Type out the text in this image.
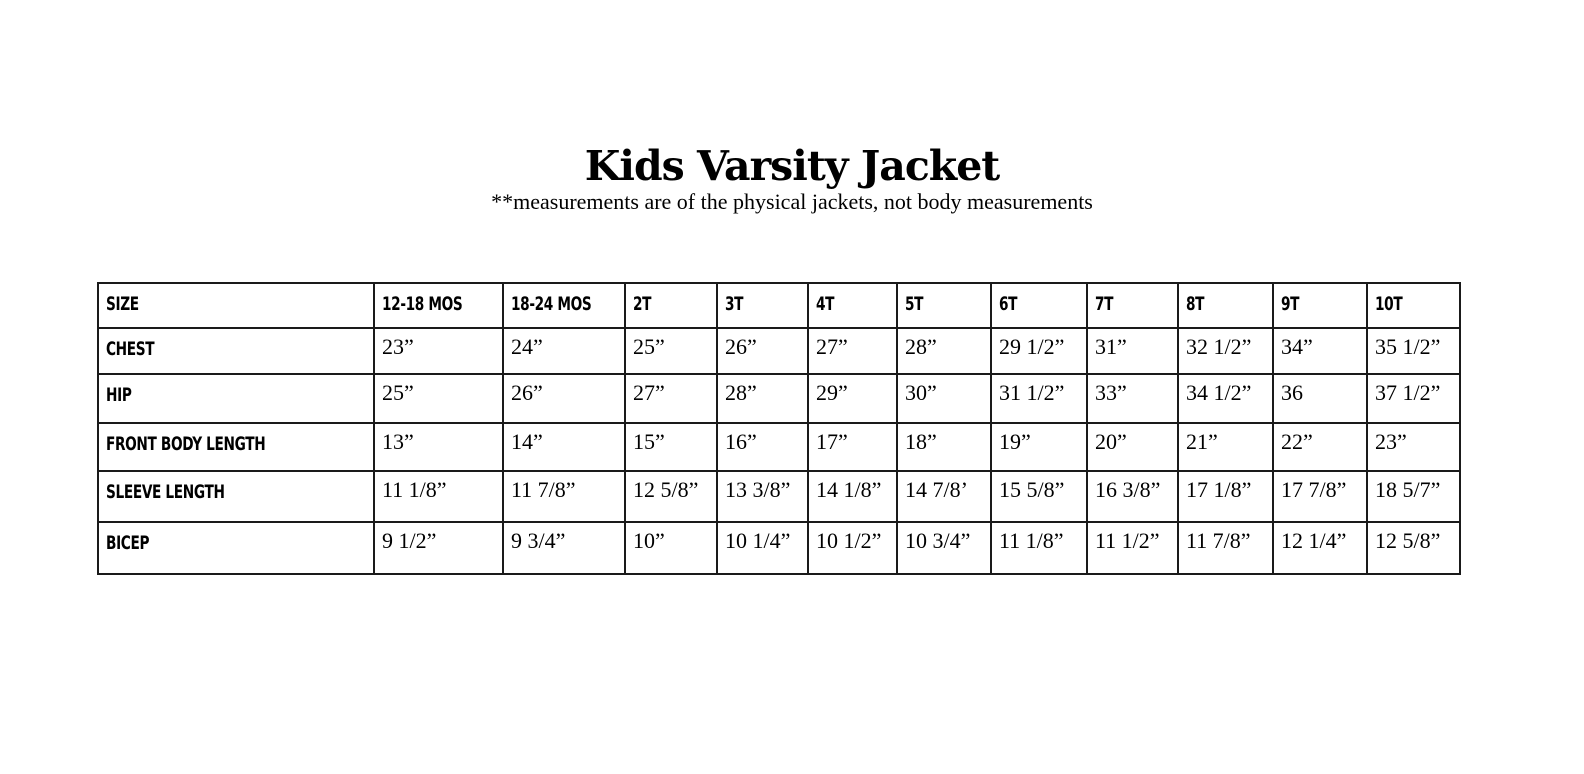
Kids Varsity Jacket

**measurements are of the physical jackets, not body measurements

SIZE	12-18 MOS	18-24 MOS	2T	3T	4T	5T	6T	7T	8T	9T	10T
CHEST	23”	24”	25”	26”	27”	28”	29 1/2”	31”	32 1/2”	34”	35 1/2”
HIP	25”	26”	27”	28”	29”	30”	31 1/2”	33”	34 1/2”	36	37 1/2”
FRONT BODY LENGTH	13”	14”	15”	16”	17”	18”	19”	20”	21”	22”	23”
SLEEVE LENGTH	11 1/8”	11 7/8”	12 5/8”	13 3/8”	14 1/8”	14 7/8’	15 5/8”	16 3/8”	17 1/8”	17 7/8”	18 5/7”
BICEP	9 1/2”	9 3/4”	10”	10 1/4”	10 1/2”	10 3/4”	11 1/8”	11 1/2”	11 7/8”	12 1/4”	12 5/8”
